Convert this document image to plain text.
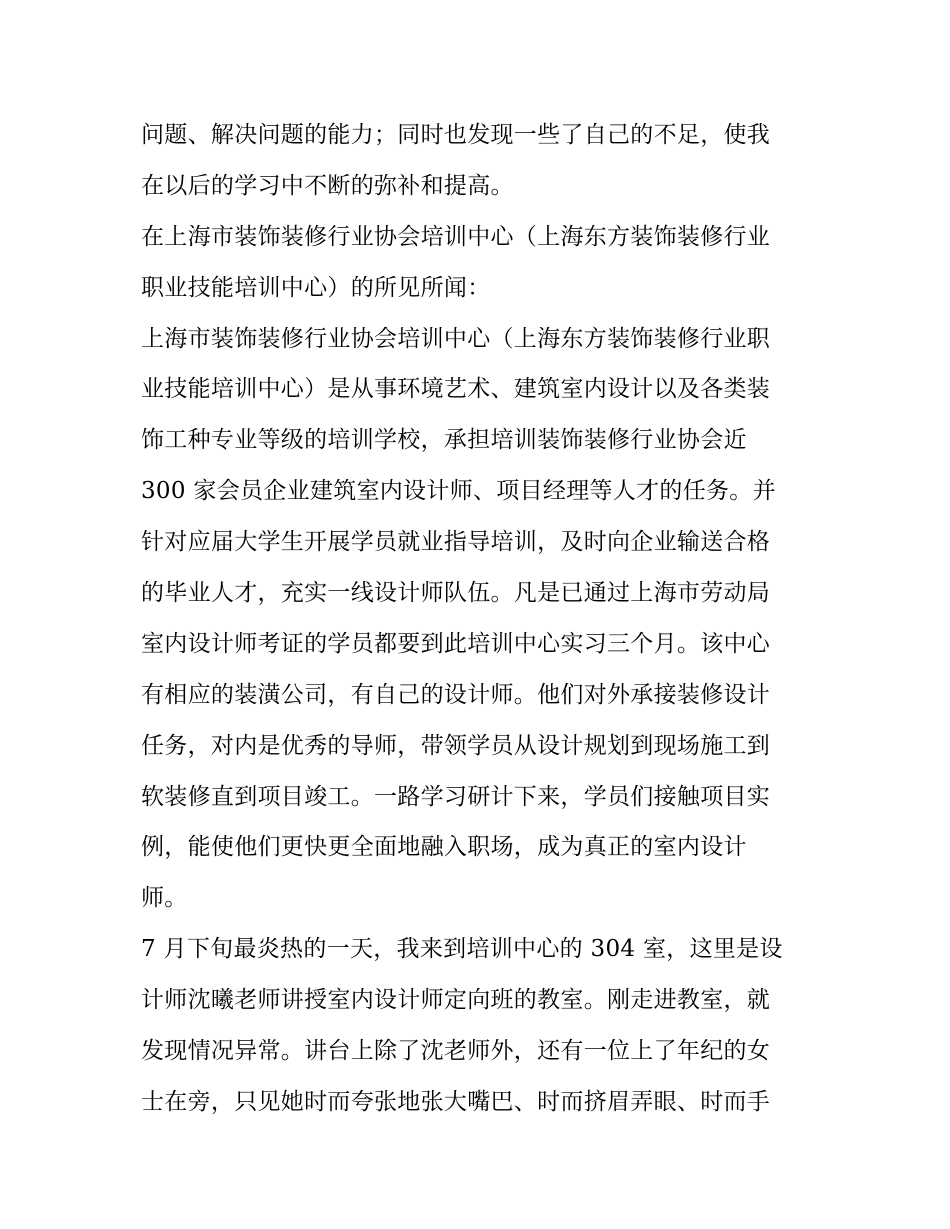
问题、解决问题的能力；同时也发现一些了自己的不足，使我
在以后的学习中不断的弥补和提高。
在上海市装饰装修行业协会培训中心（上海东方装饰装修行业
职业技能培训中心）的所见所闻：
上海市装饰装修行业协会培训中心（上海东方装饰装修行业职
业技能培训中心）是从事环境艺术、建筑室内设计以及各类装
饰工种专业等级的培训学校，承担培训装饰装修行业协会近
300 家会员企业建筑室内设计师、项目经理等人才的任务。并
针对应届大学生开展学员就业指导培训，及时向企业输送合格
的毕业人才，充实一线设计师队伍。凡是已通过上海市劳动局
室内设计师考证的学员都要到此培训中心实习三个月。该中心
有相应的装潢公司，有自己的设计师。他们对外承接装修设计
任务，对内是优秀的导师，带领学员从设计规划到现场施工到
软装修直到项目竣工。一路学习研计下来，学员们接触项目实
例，能使他们更快更全面地融入职场，成为真正的室内设计
师。
7 月下旬最炎热的一天，我来到培训中心的 304 室，这里是设
计师沈曦老师讲授室内设计师定向班的教室。刚走进教室，就
发现情况异常。讲台上除了沈老师外，还有一位上了年纪的女
士在旁，只见她时而夸张地张大嘴巴、时而挤眉弄眼、时而手
